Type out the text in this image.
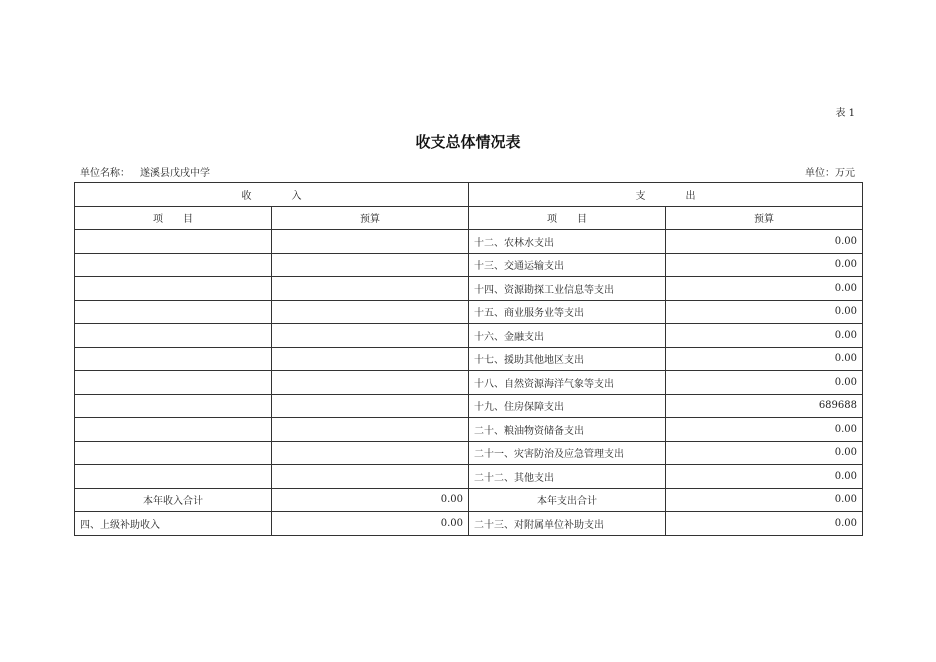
表 1
收支总体情况表
单位名称： 遂溪县戊戌中学	单位：万元
收　　　　入		支　　　　出	
项　　目	预算	项　　目	预算
		十二、农林水支出	0.00
		十三、交通运输支出	0.00
		十四、资源勘探工业信息等支出	0.00
		十五、商业服务业等支出	0.00
		十六、金融支出	0.00
		十七、援助其他地区支出	0.00
		十八、自然资源海洋气象等支出	0.00
		十九、住房保障支出	689688
		二十、粮油物资储备支出	0.00
		二十一、灾害防治及应急管理支出	0.00
		二十二、其他支出	0.00
本年收入合计	0.00	本年支出合计	0.00
四、上级补助收入	0.00	二十三、对附属单位补助支出	0.00
